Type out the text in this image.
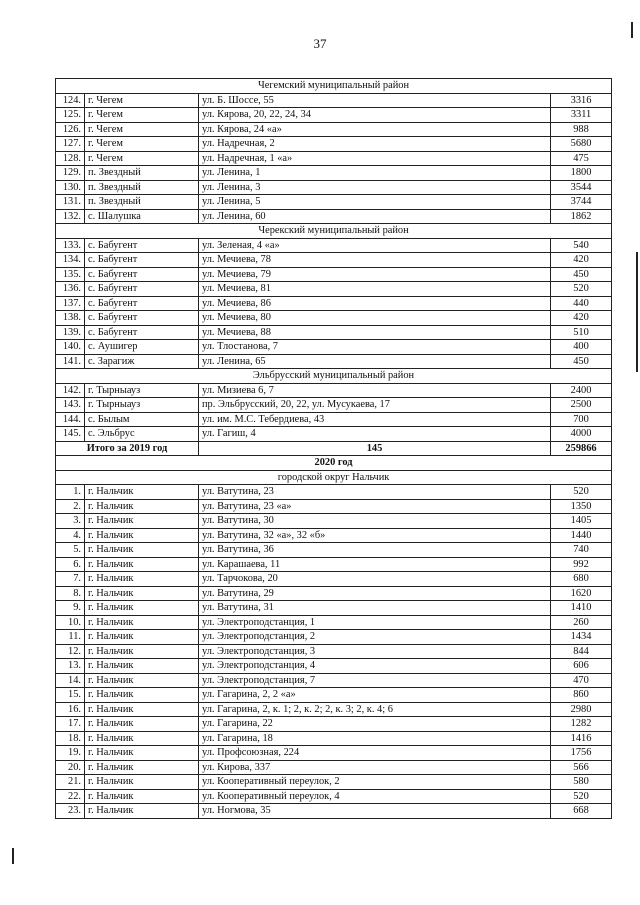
37
Чегемский муниципальный район			
124.	г. Чегем	ул. Б. Шоссе, 55	3316
125.	г. Чегем	ул. Кярова, 20, 22, 24, 34	3311
126.	г. Чегем	ул. Кярова, 24 «а»	988
127.	г. Чегем	ул. Надречная, 2	5680
128.	г. Чегем	ул. Надречная, 1 «а»	475
129.	п. Звездный	ул. Ленина, 1	1800
130.	п. Звездный	ул. Ленина, 3	3544
131.	п. Звездный	ул. Ленина, 5	3744
132.	с. Шалушка	ул. Ленина, 60	1862
Черекский муниципальный район			
133.	с. Бабугент	ул. Зеленая, 4 «а»	540
134.	с. Бабугент	ул. Мечиева, 78	420
135.	с. Бабугент	ул. Мечиева, 79	450
136.	с. Бабугент	ул. Мечиева, 81	520
137.	с. Бабугент	ул. Мечиева, 86	440
138.	с. Бабугент	ул. Мечиева, 80	420
139.	с. Бабугент	ул. Мечиева, 88	510
140.	с. Аушигер	ул. Тлостанова, 7	400
141.	с. Зарагиж	ул. Ленина, 65	450
Эльбрусский муниципальный район			
142.	г. Тырныауз	ул. Мизиева 6, 7	2400
143.	г. Тырныауз	пр. Эльбрусский, 20, 22, ул. Мусукаева, 17	2500
144.	с. Былым	ул. им. М.С. Тебердиева, 43	700
145.	с. Эльбрус	ул. Гагиш, 4	4000
Итого за 2019 год		145	259866
2020 год			
городской округ Нальчик			
1.	г. Нальчик	ул. Ватутина, 23	520
2.	г. Нальчик	ул. Ватутина, 23 «а»	1350
3.	г. Нальчик	ул. Ватутина, 30	1405
4.	г. Нальчик	ул. Ватутина, 32 «а», 32 «б»	1440
5.	г. Нальчик	ул. Ватутина, 36	740
6.	г. Нальчик	ул. Карашаева, 11	992
7.	г. Нальчик	ул. Тарчокова, 20	680
8.	г. Нальчик	ул. Ватутина, 29	1620
9.	г. Нальчик	ул. Ватутина, 31	1410
10.	г. Нальчик	ул. Электроподстанция, 1	260
11.	г. Нальчик	ул. Электроподстанция, 2	1434
12.	г. Нальчик	ул. Электроподстанция, 3	844
13.	г. Нальчик	ул. Электроподстанция, 4	606
14.	г. Нальчик	ул. Электроподстанция, 7	470
15.	г. Нальчик	ул. Гагарина, 2, 2 «а»	860
16.	г. Нальчик	ул. Гагарина, 2, к. 1; 2, к. 2; 2, к. 3; 2, к. 4; 6	2980
17.	г. Нальчик	ул. Гагарина, 22	1282
18.	г. Нальчик	ул. Гагарина, 18	1416
19.	г. Нальчик	ул. Профсоюзная, 224	1756
20.	г. Нальчик	ул. Кирова, 337	566
21.	г. Нальчик	ул. Кооперативный переулок, 2	580
22.	г. Нальчик	ул. Кооперативный переулок, 4	520
23.	г. Нальчик	ул. Ногмова, 35	668
